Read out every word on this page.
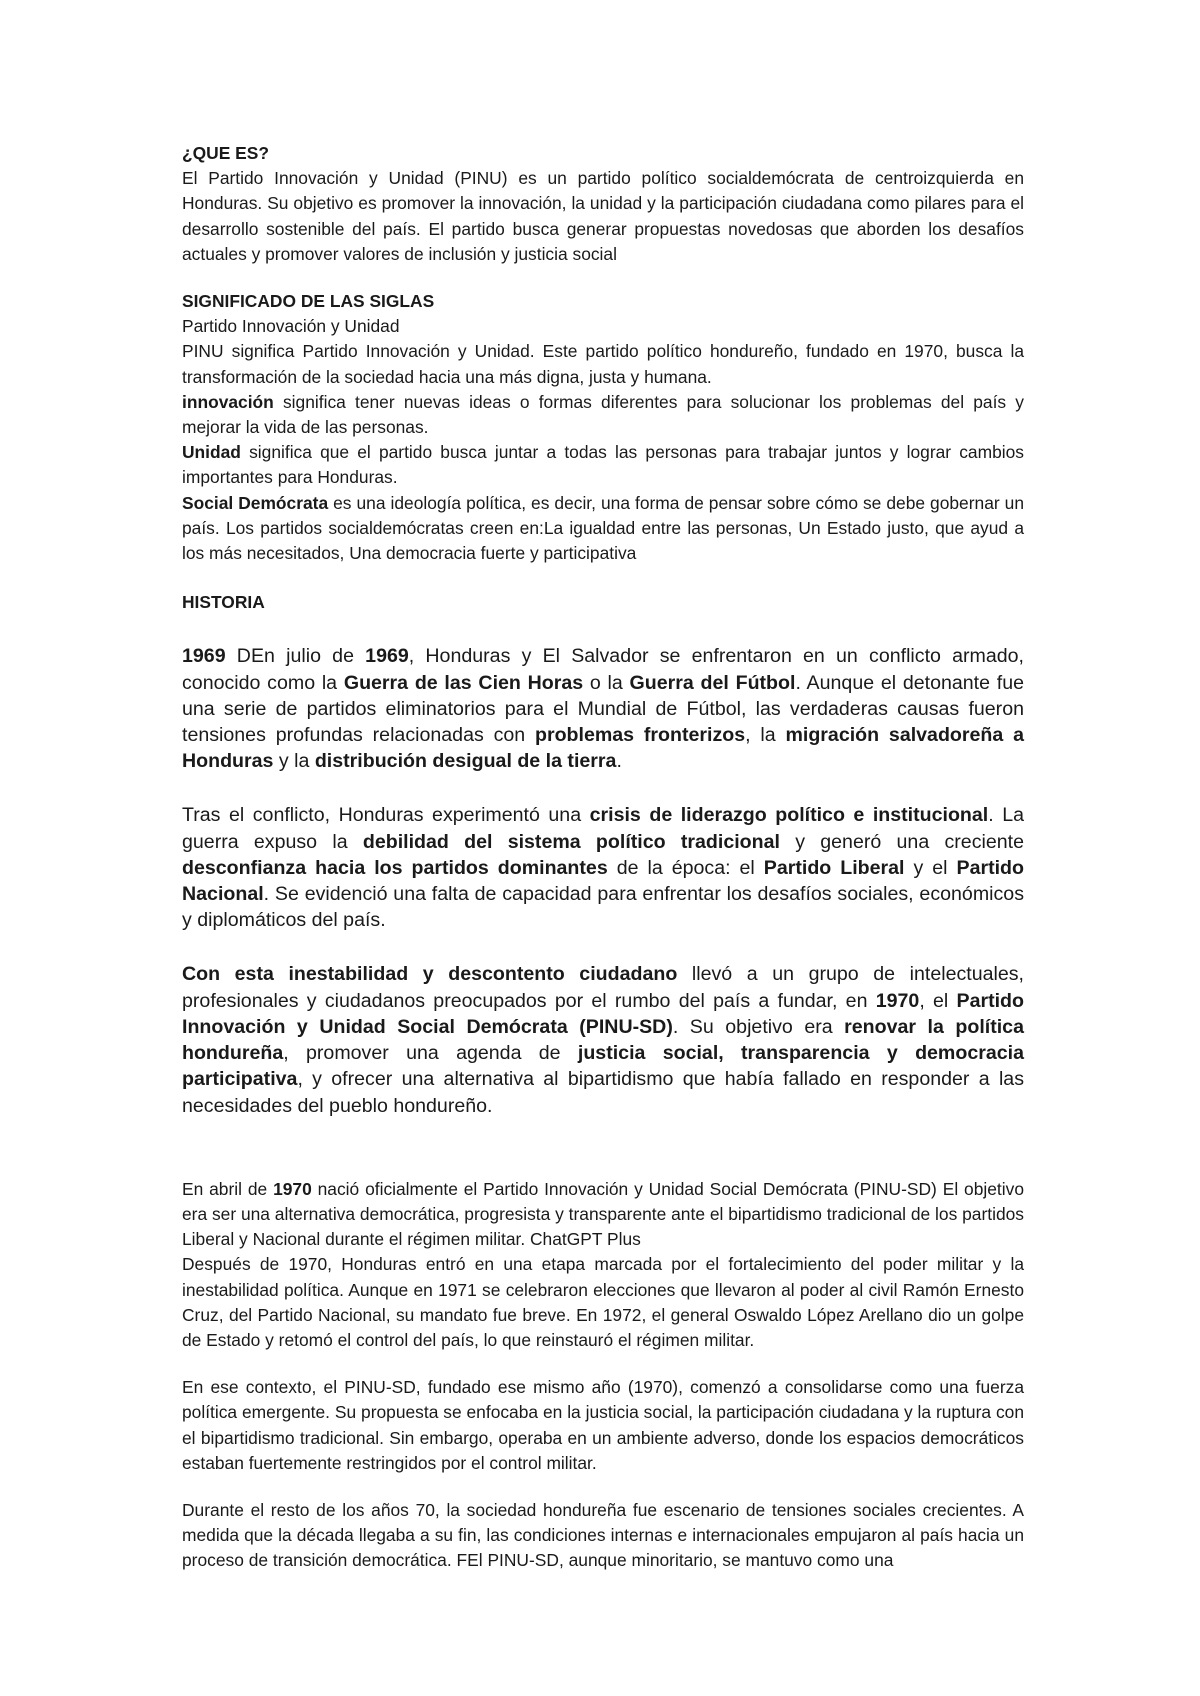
¿QUE ES?

El Partido Innovación y Unidad (PINU) es un partido político socialdemócrata de centroizquierda en Honduras. Su objetivo es promover la innovación, la unidad y la participación ciudadana como pilares para el desarrollo sostenible del país. El partido busca generar propuestas novedosas que aborden los desafíos actuales y promover valores de inclusión y justicia social

SIGNIFICADO DE LAS SIGLAS

Partido Innovación y Unidad

PINU significa Partido Innovación y Unidad. Este partido político hondureño, fundado en 1970, busca la transformación de la sociedad hacia una más digna, justa y humana.

innovación significa tener nuevas ideas o formas diferentes para solucionar los problemas del país y mejorar la vida de las personas.

Unidad significa que el partido busca juntar a todas las personas para trabajar juntos y lograr cambios importantes para Honduras.

Social Demócrata es una ideología política, es decir, una forma de pensar sobre cómo se debe gobernar un país. Los partidos socialdemócratas creen en:La igualdad entre las personas, Un Estado justo, que ayud a los más necesitados, Una democracia fuerte y participativa

HISTORIA

1969 DEn julio de 1969, Honduras y El Salvador se enfrentaron en un conflicto armado, conocido como la Guerra de las Cien Horas o la Guerra del Fútbol. Aunque el detonante fue una serie de partidos eliminatorios para el Mundial de Fútbol, las verdaderas causas fueron tensiones profundas relacionadas con problemas fronterizos, la migración salvadoreña a Honduras y la distribución desigual de la tierra.

Tras el conflicto, Honduras experimentó una crisis de liderazgo político e institucional. La guerra expuso la debilidad del sistema político tradicional y generó una creciente desconfianza hacia los partidos dominantes de la época: el Partido Liberal y el Partido Nacional. Se evidenció una falta de capacidad para enfrentar los desafíos sociales, económicos y diplomáticos del país.

Con esta inestabilidad y descontento ciudadano llevó a un grupo de intelectuales, profesionales y ciudadanos preocupados por el rumbo del país a fundar, en 1970, el Partido Innovación y Unidad Social Demócrata (PINU-SD). Su objetivo era renovar la política hondureña, promover una agenda de justicia social, transparencia y democracia participativa, y ofrecer una alternativa al bipartidismo que había fallado en responder a las necesidades del pueblo hondureño.

En abril de 1970 nació oficialmente el Partido Innovación y Unidad Social Demócrata (PINU-SD) El objetivo era ser una alternativa democrática, progresista y transparente ante el bipartidismo tradicional de los partidos Liberal y Nacional durante el régimen militar. ChatGPT Plus

Después de 1970, Honduras entró en una etapa marcada por el fortalecimiento del poder militar y la inestabilidad política. Aunque en 1971 se celebraron elecciones que llevaron al poder al civil Ramón Ernesto Cruz, del Partido Nacional, su mandato fue breve. En 1972, el general Oswaldo López Arellano dio un golpe de Estado y retomó el control del país, lo que reinstauró el régimen militar.

En ese contexto, el PINU-SD, fundado ese mismo año (1970), comenzó a consolidarse como una fuerza política emergente. Su propuesta se enfocaba en la justicia social, la participación ciudadana y la ruptura con el bipartidismo tradicional. Sin embargo, operaba en un ambiente adverso, donde los espacios democráticos estaban fuertemente restringidos por el control militar.

Durante el resto de los años 70, la sociedad hondureña fue escenario de tensiones sociales crecientes. A medida que la década llegaba a su fin, las condiciones internas e internacionales empujaron al país hacia un proceso de transición democrática. FEl PINU-SD, aunque minoritario, se mantuvo como una
